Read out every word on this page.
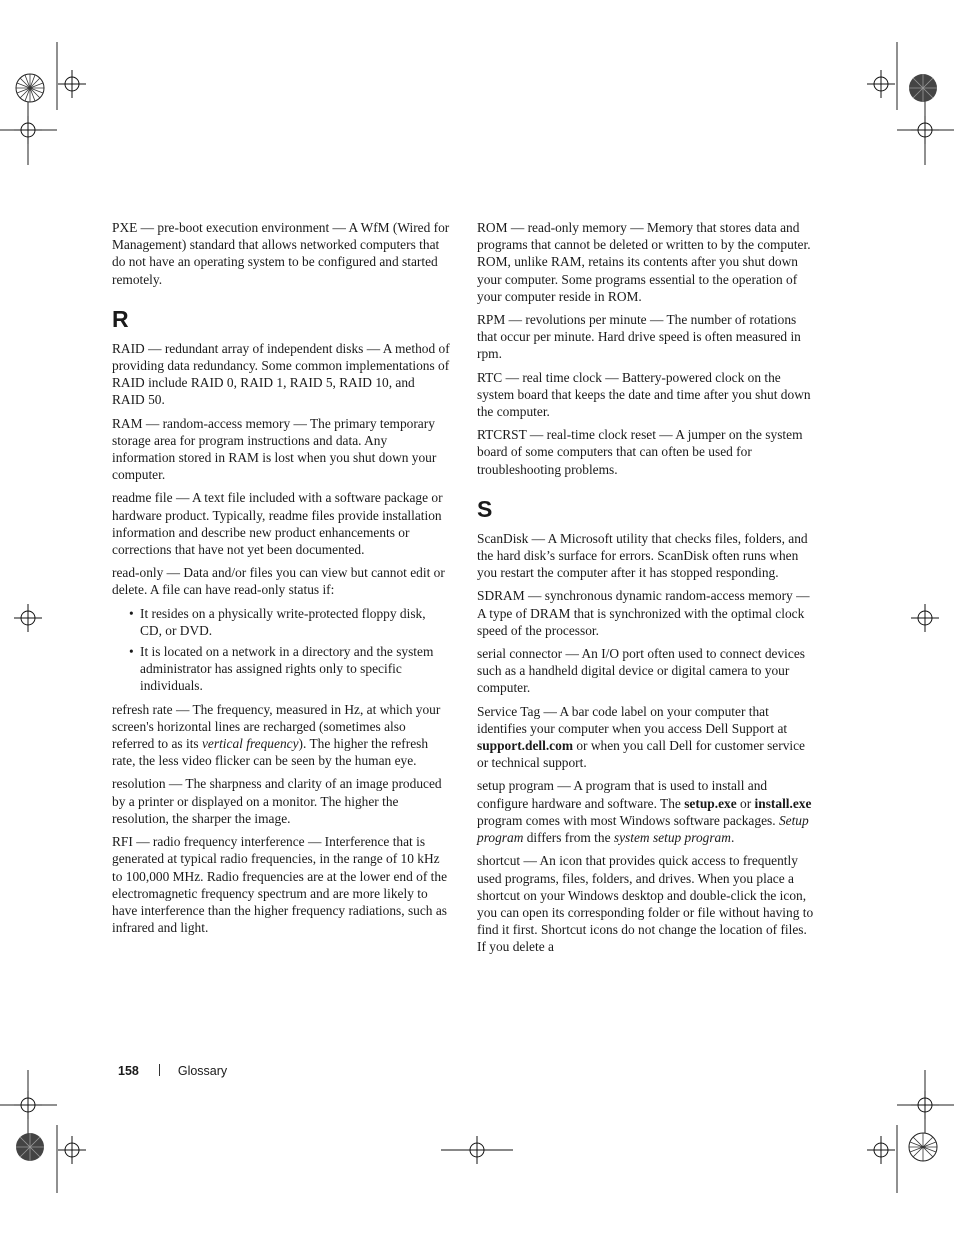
PXE — pre-boot execution environment — A WfM (Wired for Management) standard that allows networked computers that do not have an operating system to be configured and started remotely.

R

RAID — redundant array of independent disks — A method of providing data redundancy. Some common implementations of RAID include RAID 0, RAID 1, RAID 5, RAID 10, and RAID 50.

RAM — random-access memory — The primary temporary storage area for program instructions and data. Any information stored in RAM is lost when you shut down your computer.

readme file — A text file included with a software package or hardware product. Typically, readme files provide installation information and describe new product enhancements or corrections that have not yet been documented.

read-only — Data and/or files you can view but cannot edit or delete. A file can have read-only status if:

• It resides on a physically write-protected floppy disk, CD, or DVD.
• It is located on a network in a directory and the system administrator has assigned rights only to specific individuals.

refresh rate — The frequency, measured in Hz, at which your screen's horizontal lines are recharged (sometimes also referred to as its vertical frequency). The higher the refresh rate, the less video flicker can be seen by the human eye.

resolution — The sharpness and clarity of an image produced by a printer or displayed on a monitor. The higher the resolution, the sharper the image.

RFI — radio frequency interference — Interference that is generated at typical radio frequencies, in the range of 10 kHz to 100,000 MHz. Radio frequencies are at the lower end of the electromagnetic frequency spectrum and are more likely to have interference than the higher frequency radiations, such as infrared and light.

ROM — read-only memory — Memory that stores data and programs that cannot be deleted or written to by the computer. ROM, unlike RAM, retains its contents after you shut down your computer. Some programs essential to the operation of your computer reside in ROM.

RPM — revolutions per minute — The number of rotations that occur per minute. Hard drive speed is often measured in rpm.

RTC — real time clock — Battery-powered clock on the system board that keeps the date and time after you shut down the computer.

RTCRST — real-time clock reset — A jumper on the system board of some computers that can often be used for troubleshooting problems.

S

ScanDisk — A Microsoft utility that checks files, folders, and the hard disk’s surface for errors. ScanDisk often runs when you restart the computer after it has stopped responding.

SDRAM — synchronous dynamic random-access memory — A type of DRAM that is synchronized with the optimal clock speed of the processor.

serial connector — An I/O port often used to connect devices such as a handheld digital device or digital camera to your computer.

Service Tag — A bar code label on your computer that identifies your computer when you access Dell Support at support.dell.com or when you call Dell for customer service or technical support.

setup program — A program that is used to install and configure hardware and software. The setup.exe or install.exe program comes with most Windows software packages. Setup program differs from the system setup program.

shortcut — An icon that provides quick access to frequently used programs, files, folders, and drives. When you place a shortcut on your Windows desktop and double-click the icon, you can open its corresponding folder or file without having to find it first. Shortcut icons do not change the location of files. If you delete a

158	Glossary
